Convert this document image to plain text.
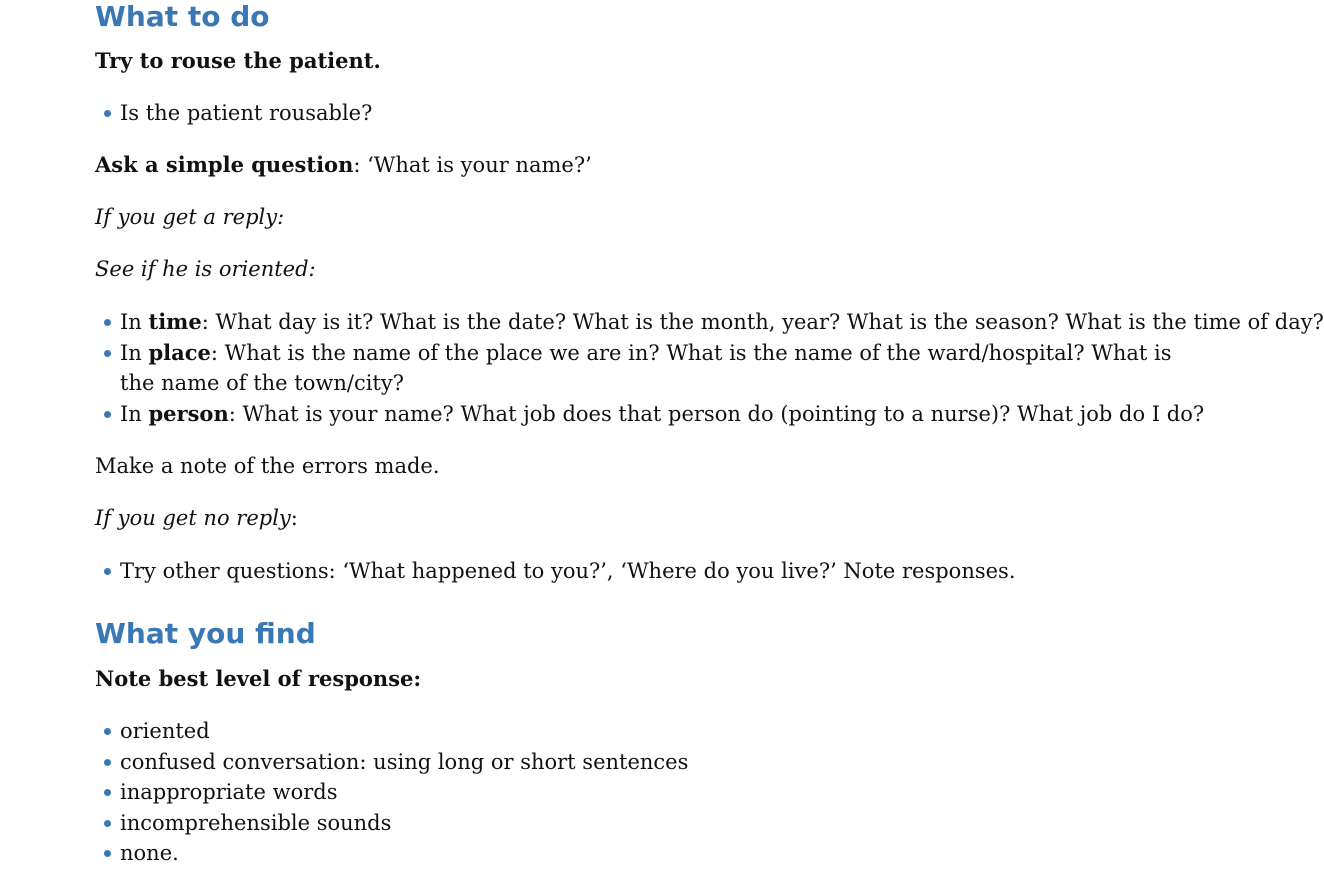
What to do

Try to rouse the patient.

Is the patient rousable?

Ask a simple question: ‘What is your name?’

If you get a reply:

See if he is oriented:

In time: What day is it? What is the date? What is the month, year? What is the season? What is the time of day?
In place: What is the name of the place we are in? What is the name of the ward/hospital? What is the name of the town/city?
In person: What is your name? What job does that person do (pointing to a nurse)? What job do I do?

Make a note of the errors made.

If you get no reply:

Try other questions: ‘What happened to you?’, ‘Where do you live?’ Note responses.
What you find

Note best level of response:

oriented
confused conversation: using long or short sentences
inappropriate words
incomprehensible sounds
none.
